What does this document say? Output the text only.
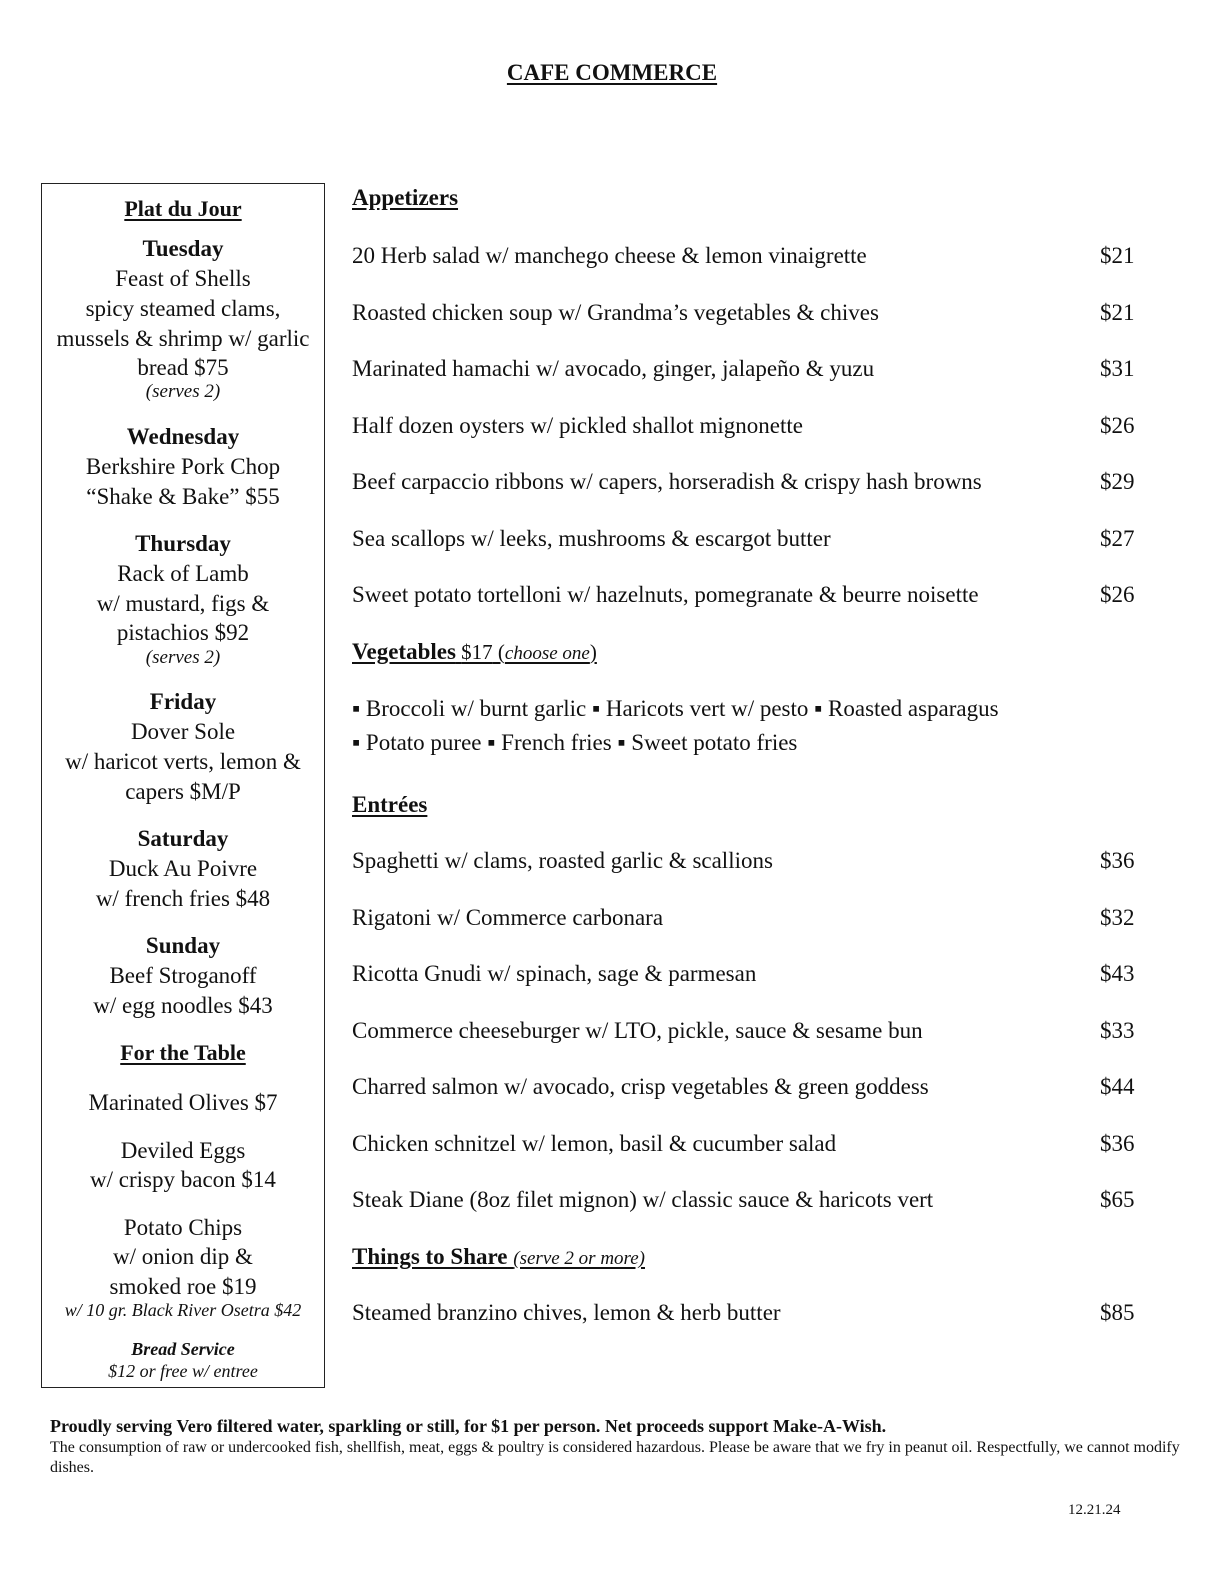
CAFE COMMERCE
Plat du Jour
Tuesday
Feast of Shells
spicy steamed clams,
mussels & shrimp w/ garlic
bread $75
(serves 2)
Wednesday
Berkshire Pork Chop
“Shake & Bake” $55
Thursday
Rack of Lamb
w/ mustard, figs &
pistachios $92
(serves 2)
Friday
Dover Sole
w/ haricot verts, lemon &
capers $M/P
Saturday
Duck Au Poivre
w/ french fries $48
Sunday
Beef Stroganoff
w/ egg noodles $43
For the Table
Marinated Olives $7
Deviled Eggs
w/ crispy bacon $14
Potato Chips
w/ onion dip &
smoked roe $19
w/ 10 gr. Black River Osetra $42
Bread Service
$12 or free w/ entree
Appetizers
20 Herb salad w/ manchego cheese & lemon vinaigrette	$21
Roasted chicken soup w/ Grandma’s vegetables & chives	$21
Marinated hamachi w/ avocado, ginger, jalapeño & yuzu	$31
Half dozen oysters w/ pickled shallot mignonette	$26
Beef carpaccio ribbons w/ capers, horseradish & crispy hash browns	$29
Sea scallops w/ leeks, mushrooms & escargot butter	$27
Sweet potato tortelloni w/ hazelnuts, pomegranate & beurre noisette	$26
Vegetables $17 (choose one)
▪ Broccoli w/ burnt garlic ▪ Haricots vert w/ pesto ▪ Roasted asparagus
▪ Potato puree ▪ French fries ▪ Sweet potato fries
Entrées
Spaghetti w/ clams, roasted garlic & scallions	$36
Rigatoni w/ Commerce carbonara	$32
Ricotta Gnudi w/ spinach, sage & parmesan	$43
Commerce cheeseburger w/ LTO, pickle, sauce & sesame bun	$33
Charred salmon w/ avocado, crisp vegetables & green goddess	$44
Chicken schnitzel w/ lemon, basil & cucumber salad	$36
Steak Diane (8oz filet mignon) w/ classic sauce & haricots vert	$65
Things to Share (serve 2 or more)
Steamed branzino chives, lemon & herb butter	$85
Proudly serving Vero filtered water, sparkling or still, for $1 per person. Net proceeds support Make-A-Wish.
The consumption of raw or undercooked fish, shellfish, meat, eggs & poultry is considered hazardous. Please be aware that we fry in peanut oil. Respectfully, we cannot modify dishes.
12.21.24
